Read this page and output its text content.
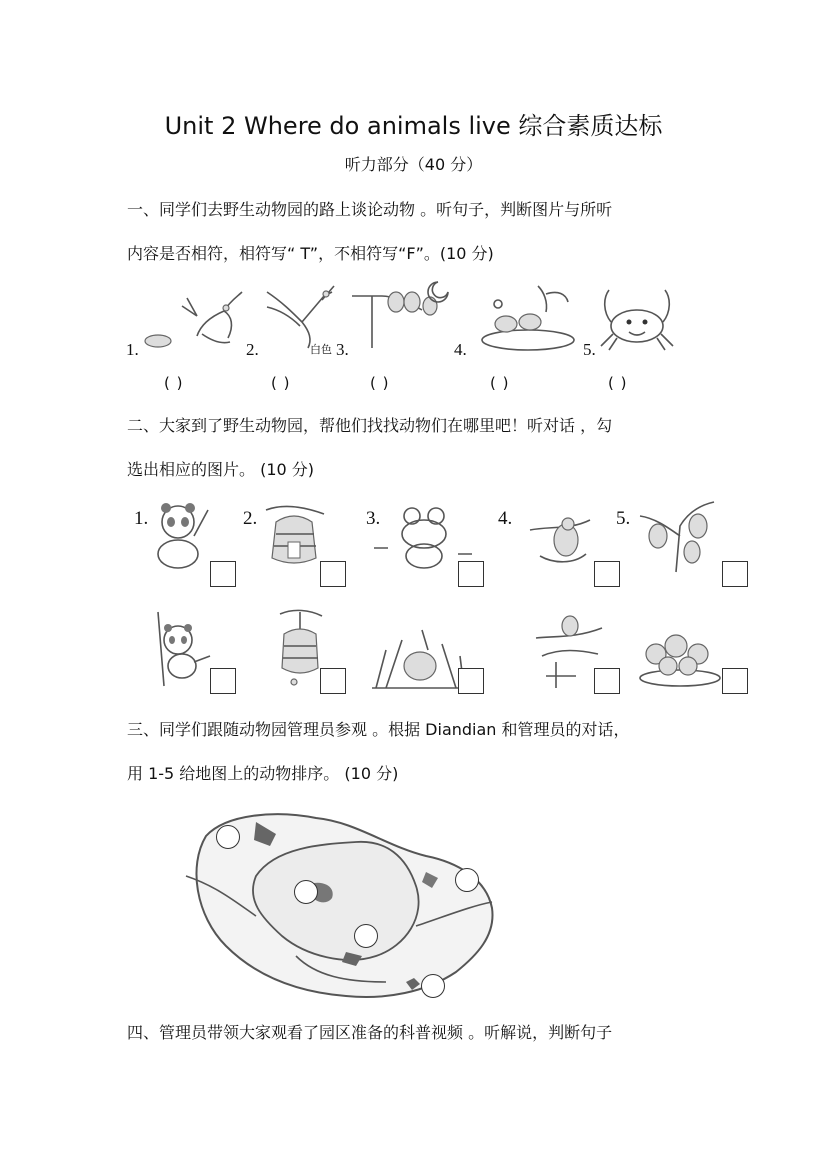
Unit 2 Where do animals live 综合素质达标
听力部分（40 分）
一、同学们去野生动物园的路上谈论动物 。听句子，判断图片与所听
内容是否相符，相符写“ T”，不相符写“F”。(10 分)
1.	2.	白色 3.	4.	5.
( )	( )	( )	( )	( )
二、大家到了野生动物园，帮他们找找动物们在哪里吧！听对话 ，勾
选出相应的图片。 (10 分)
1.	2.	3.	4.	5.
三、同学们跟随动物园管理员参观 。根据 Diandian 和管理员的对话，
用 1-5 给地图上的动物排序。 (10 分)
四、管理员带领大家观看了园区准备的科普视频 。听解说，判断句子
